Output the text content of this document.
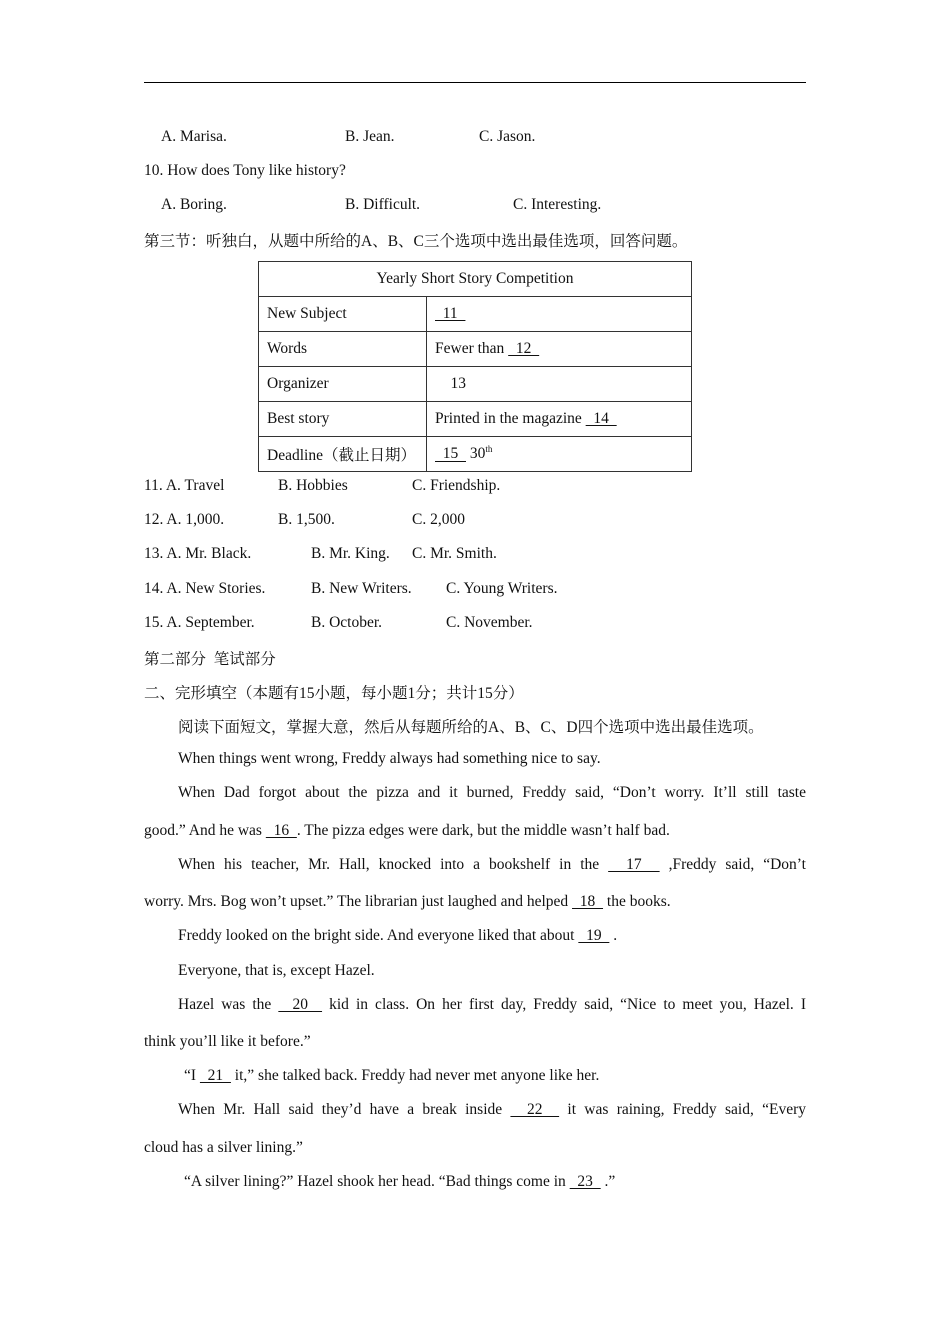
A. Marisa.	B. Jean.	C. Jason.
10. How does Tony like history?
A. Boring.	B. Difficult.	C. Interesting.
第三节：听独白，从题中所给的A、B、C三个选项中选出最佳选项，回答问题。
Yearly Short Story Competition	
New Subject	11
Words	Fewer than   12
Organizer	13
Best story	Printed in the magazine   14
Deadline（截止日期）	15   30th
11. A. Travel	B. Hobbies	C. Friendship.
12. A. 1,000.	B. 1,500.	C. 2,000
13. A. Mr. Black.	B. Mr. King. C. Mr. Smith.
14. A. New Stories.	B. New Writers. C. Young Writers.
15. A. September.	B. October.	C. November.
第二部分  笔试部分
二、完形填空（本题有15小题，每小题1分；共计15分）
阅读下面短文，掌握大意，然后从每题所给的A、B、C、D四个选项中选出最佳选项。
When things went wrong, Freddy always had something nice to say.
When Dad forgot about the pizza and it burned, Freddy said, “Don’t worry. It’ll still taste
good.” And he was   16  . The pizza edges were dark, but the middle wasn’t half bad.
When his teacher, Mr. Hall, knocked into a bookshelf in the   17   ,Freddy said, “Don’t
worry. Mrs. Bog won’t upset.” The librarian just laughed and helped   18   the books.
Freddy looked on the bright side. And everyone liked that about   19   .
Everyone, that is, except Hazel.
Hazel was the   20   kid in class. On her first day, Freddy said, “Nice to meet you, Hazel. I
think you’ll like it before.”
“I   21   it,” she talked back. Freddy had never met anyone like her.
When Mr. Hall said they’d have a break inside   22   it was raining, Freddy said, “Every
cloud has a silver lining.”
“A silver lining?” Hazel shook her head. “Bad things come in   23   .”
